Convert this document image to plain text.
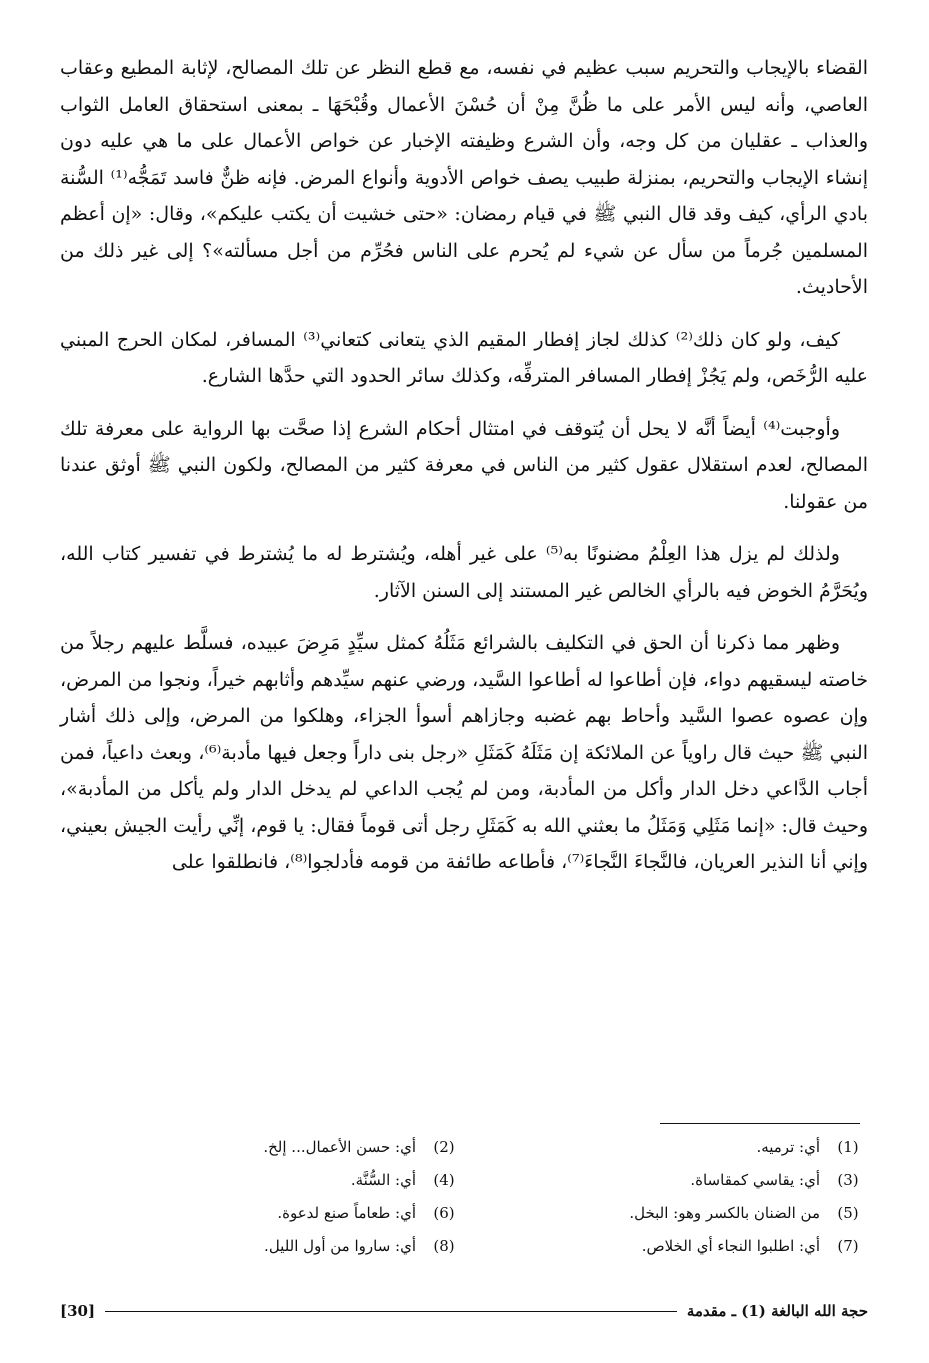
القضاء بالإيجاب والتحريم سبب عظيم في نفسه، مع قطع النظر عن تلك المصالح، لإثابة المطيع وعقاب العاصي، وأنه ليس الأمر على ما ظُنَّ مِنْ أن حُسْنَ الأعمال وقُبْحَهَا ـ بمعنى استحقاق العامل الثواب والعذاب ـ عقليان من كل وجه، وأن الشرع وظيفته الإخبار عن خواص الأعمال على ما هي عليه دون إنشاء الإيجاب والتحريم، بمنزلة طبيب يصف خواص الأدوية وأنواع المرض. فإنه ظنٌّ فاسد تَمَجُّه⁽¹⁾ السُّنة بادي الرأي، كيف وقد قال النبي ﷺ في قيام رمضان: «حتى خشيت أن يكتب عليكم»، وقال: «إن أعظم المسلمين جُرماً من سأل عن شيء لم يُحرم على الناس فحُرِّم من أجل مسألته»؟ إلى غير ذلك من الأحاديث.

كيف، ولو كان ذلك⁽²⁾ كذلك لجاز إفطار المقيم الذي يتعانى كتعاني⁽³⁾ المسافر، لمكان الحرج المبني عليه الرُّخَص، ولم يَجُزْ إفطار المسافر المترفِّه، وكذلك سائر الحدود التي حدَّها الشارع.

وأوجبت⁽⁴⁾ أيضاً أنَّه لا يحل أن يُتوقف في امتثال أحكام الشرع إذا صحَّت بها الرواية على معرفة تلك المصالح، لعدم استقلال عقول كثير من الناس في معرفة كثير من المصالح، ولكون النبي ﷺ أوثق عندنا من عقولنا.

ولذلك لم يزل هذا العِلْمُ مضنونًا به⁽⁵⁾ على غير أهله، ويُشترط له ما يُشترط في تفسير كتاب الله، ويُحَرَّمُ الخوض فيه بالرأي الخالص غير المستند إلى السنن الآثار.

وظهر مما ذكرنا أن الحق في التكليف بالشرائع مَثَلُهُ كمثل سيِّدٍ مَرِضَ عبيده، فسلَّط عليهم رجلاً من خاصته ليسقيهم دواء، فإن أطاعوا له أطاعوا السَّيد، ورضي عنهم سيِّدهم وأثابهم خيراً، ونجوا من المرض، وإن عصوه عصوا السَّيد وأحاط بهم غضبه وجازاهم أسوأ الجزاء، وهلكوا من المرض، وإلى ذلك أشار النبي ﷺ حيث قال راوياً عن الملائكة إن مَثَلَهُ كَمَثَلِ «رجل بنى داراً وجعل فيها مأدبة⁽⁶⁾، وبعث داعياً، فمن أجاب الدَّاعي دخل الدار وأكل من المأدبة، ومن لم يُجب الداعي لم يدخل الدار ولم يأكل من المأدبة»، وحيث قال: «إنما مَثَلِي وَمَثَلُ ما بعثني الله به كَمَثَلِ رجل أتى قوماً فقال: يا قوم، إنِّي رأيت الجيش بعيني، وإني أنا النذير العريان، فالنَّجاءَ النَّجاءَ⁽⁷⁾، فأطاعه طائفة من قومه فأدلجوا⁽⁸⁾، فانطلقوا على

(1)
أي: ترميه.
(2)
أي: حسن الأعمال... إلخ.
(3)
أي: يقاسي كمقاساة.
(4)
أي: السُّنَّة.
(5)
من الضنان بالكسر وهو: البخل.
(6)
أي: طعاماً صنع لدعوة.
(7)
أي: اطلبوا النجاء أي الخلاص.
(8)
أي: ساروا من أول الليل.
حجة الله البالغة (1) ـ مقدمة
[30]
